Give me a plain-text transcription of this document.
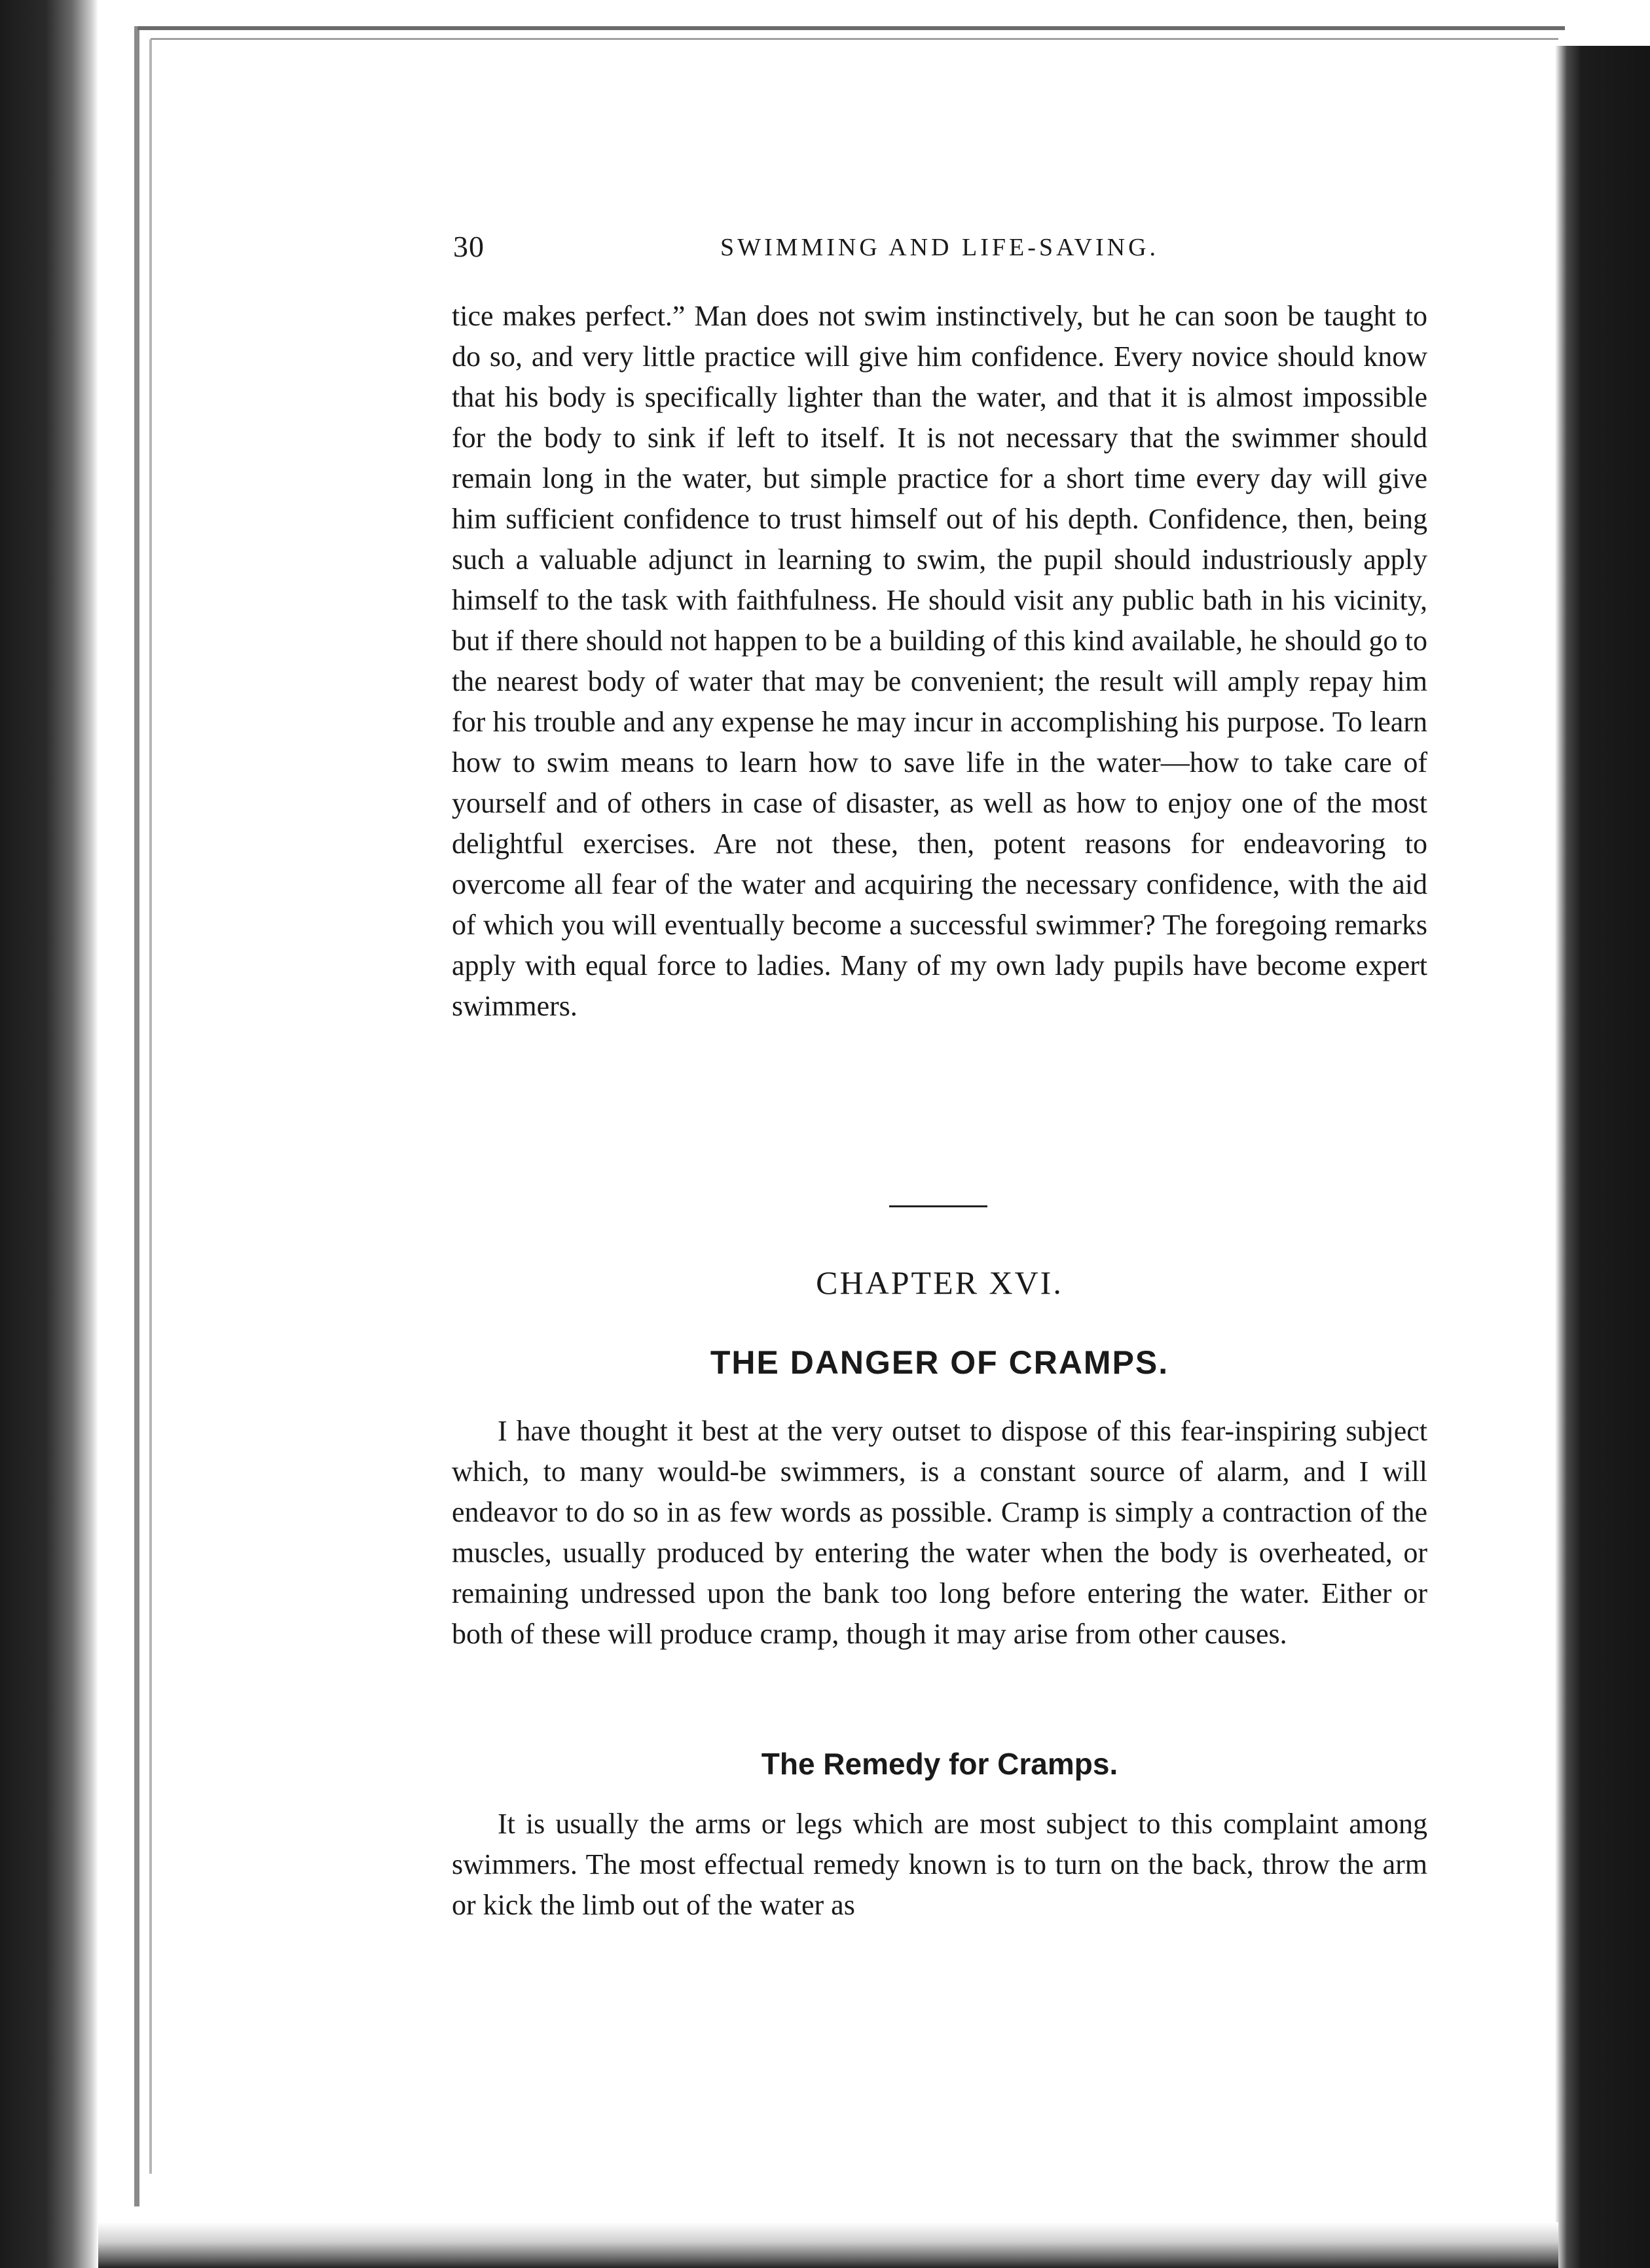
30	SWIMMING AND LIFE-SAVING.

tice makes perfect.” Man does not swim instinctively, but he can soon be taught to do so, and very little practice will give him confidence. Every novice should know that his body is specifically lighter than the water, and that it is almost impossible for the body to sink if left to itself. It is not necessary that the swimmer should remain long in the water, but simple practice for a short time every day will give him sufficient confidence to trust himself out of his depth. Confidence, then, being such a valuable adjunct in learning to swim, the pupil should industriously apply himself to the task with faithfulness. He should visit any public bath in his vicinity, but if there should not happen to be a building of this kind available, he should go to the nearest body of water that may be convenient; the result will amply repay him for his trouble and any expense he may incur in accomplishing his purpose. To learn how to swim means to learn how to save life in the water—how to take care of yourself and of others in case of disaster, as well as how to enjoy one of the most delightful exercises. Are not these, then, potent reasons for endeavoring to overcome all fear of the water and acquiring the necessary confidence, with the aid of which you will eventually become a successful swimmer? The foregoing remarks apply with equal force to ladies. Many of my own lady pupils have become expert swimmers.

CHAPTER XVI.
THE DANGER OF CRAMPS.

I have thought it best at the very outset to dispose of this fear-inspiring subject which, to many would-be swimmers, is a constant source of alarm, and I will endeavor to do so in as few words as possible. Cramp is simply a contraction of the muscles, usually produced by entering the water when the body is overheated, or remaining undressed upon the bank too long before entering the water. Either or both of these will produce cramp, though it may arise from other causes.

The Remedy for Cramps.

It is usually the arms or legs which are most subject to this complaint among swimmers. The most effectual remedy known is to turn on the back, throw the arm or kick the limb out of the water as
